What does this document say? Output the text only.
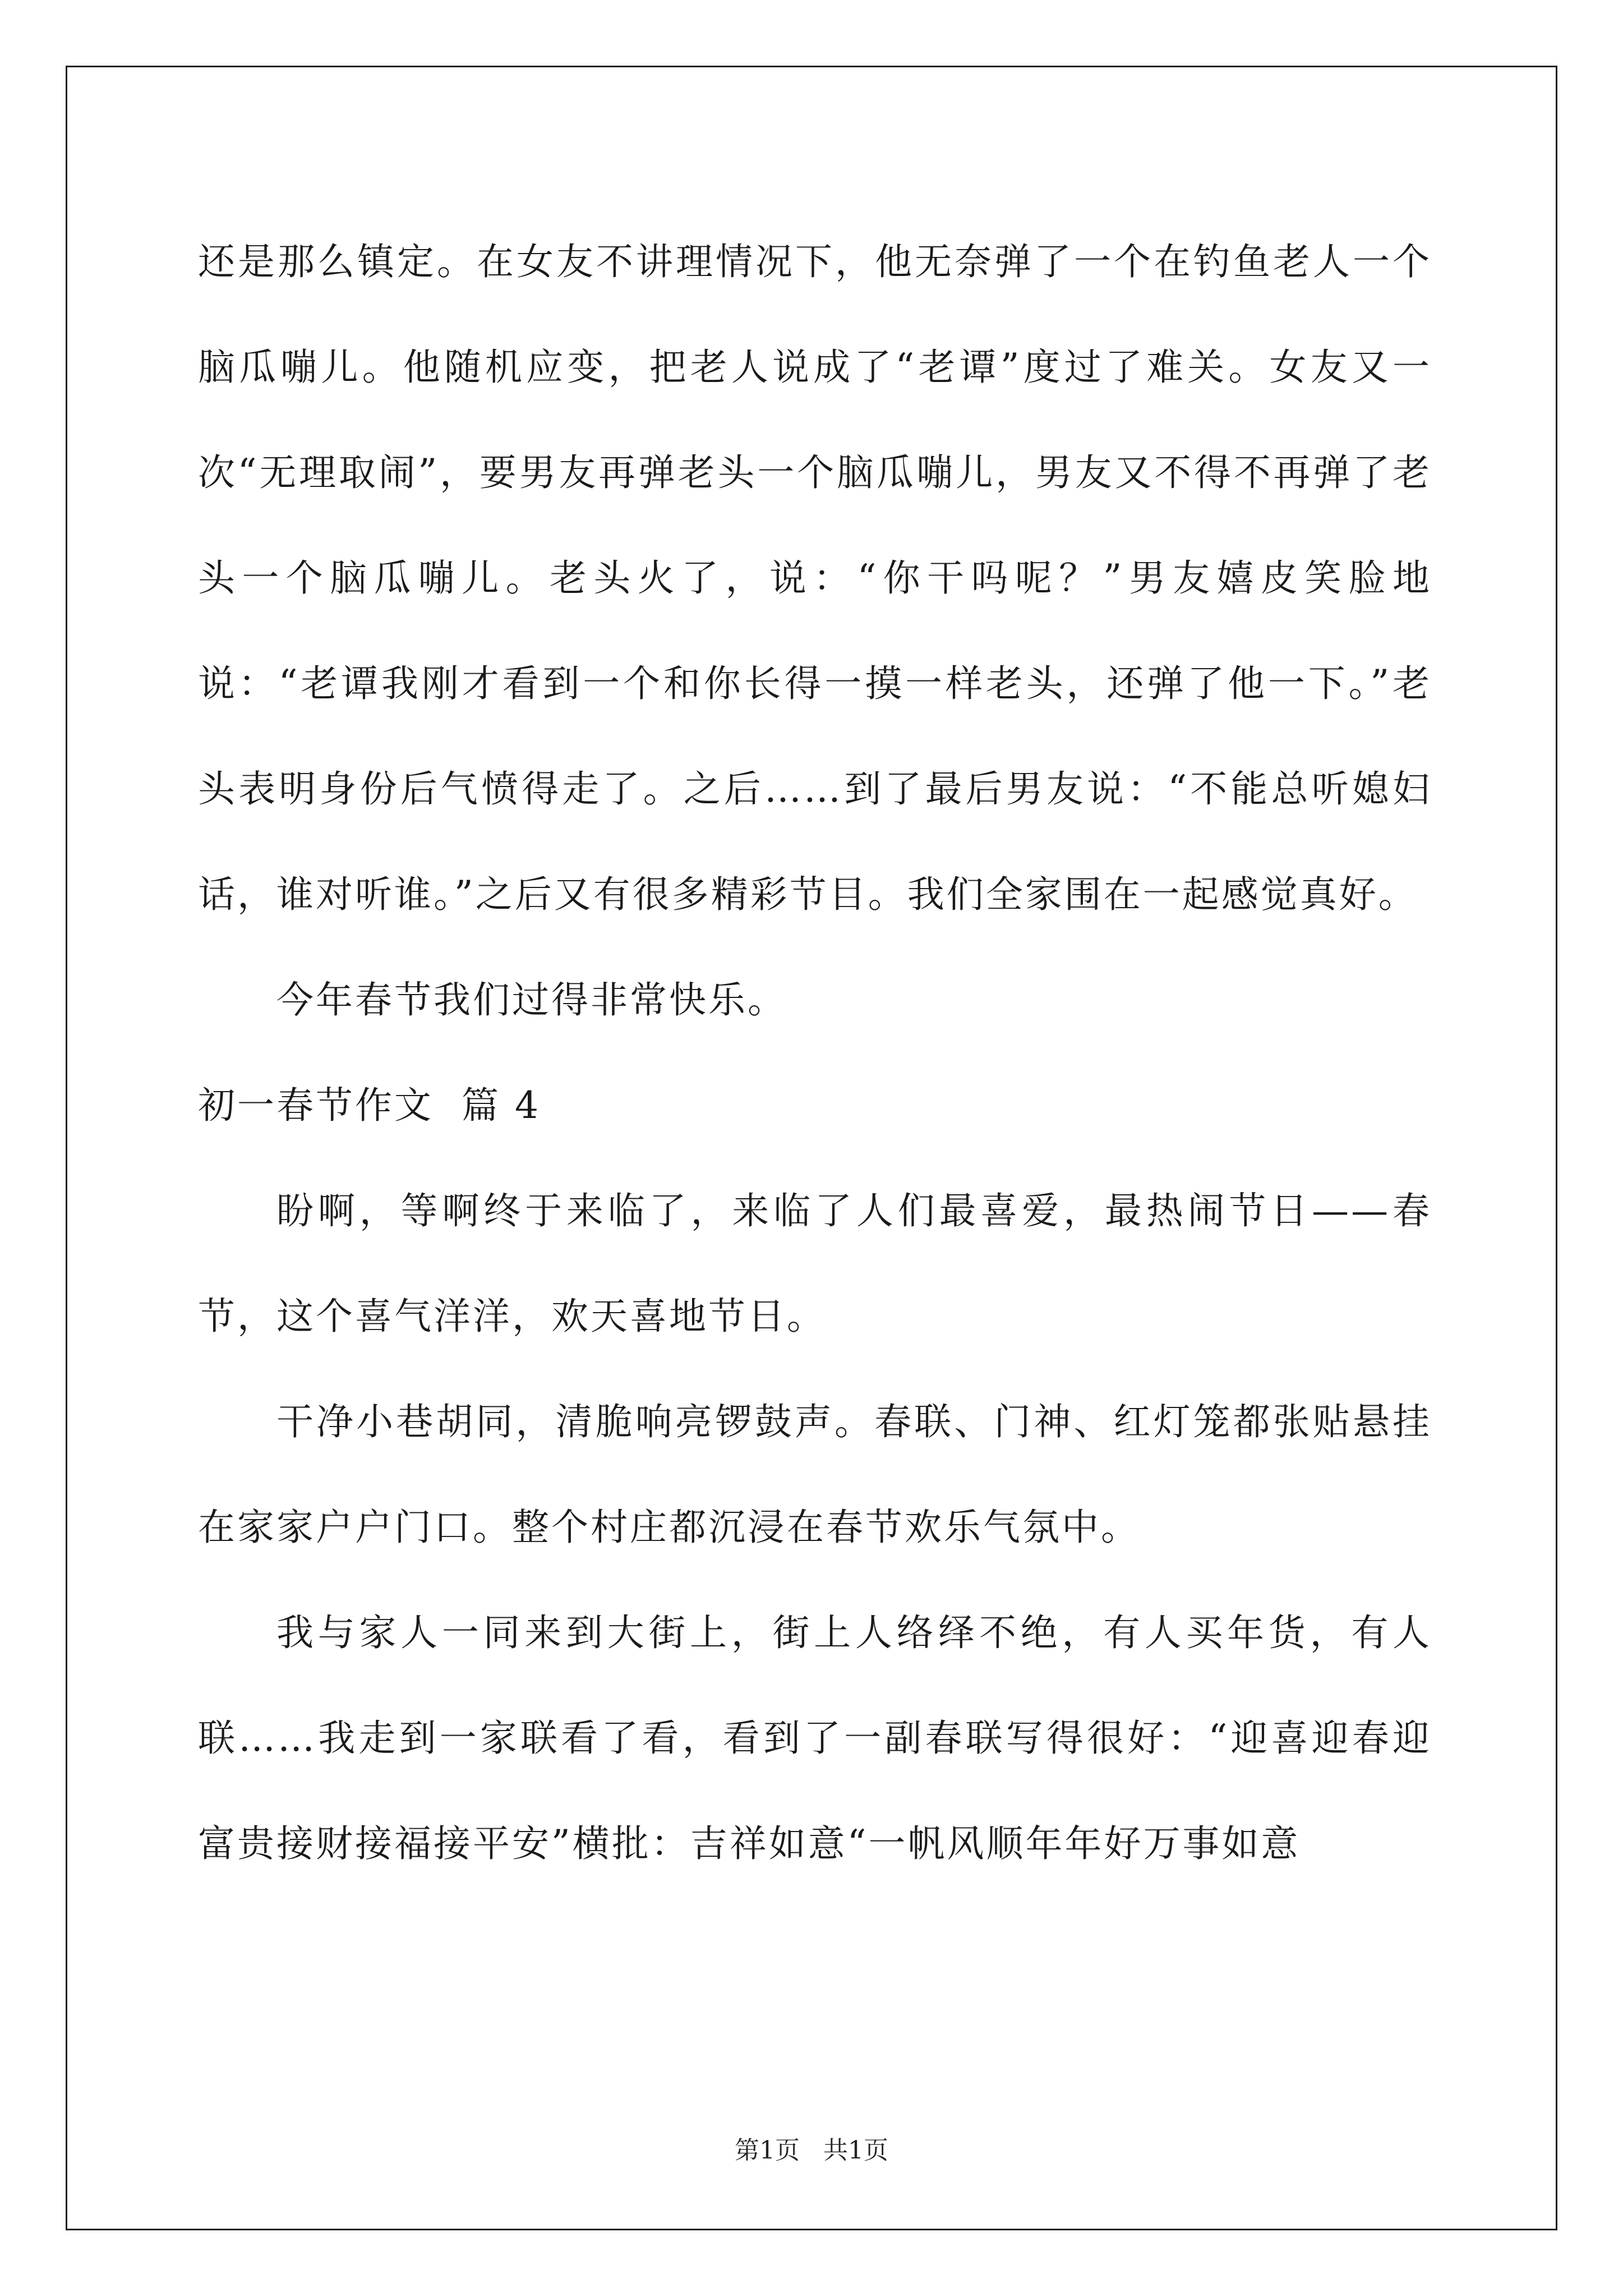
还是那么镇定。在女友不讲理情况下，他无奈弹了一个在钓鱼老人一个脑瓜嘣儿。他随机应变，把老人说成了“老谭”度过了难关。女友又一次“无理取闹”，要男友再弹老头一个脑瓜嘣儿，男友又不得不再弹了老头一个脑瓜嘣儿。老头火了，说：“你干吗呢？”男友嬉皮笑脸地说：“老谭我刚才看到一个和你长得一摸一样老头，还弹了他一下。”老头表明身份后气愤得走了。之后……到了最后男友说：“不能总听媳妇话，谁对听谁。”之后又有很多精彩节目。我们全家围在一起感觉真好。

今年春节我们过得非常快乐。

初一春节作文  篇 4

盼啊，等啊终于来临了，来临了人们最喜爱，最热闹节日——春节，这个喜气洋洋，欢天喜地节日。

干净小巷胡同，清脆响亮锣鼓声。春联、门神、红灯笼都张贴悬挂在家家户户门口。整个村庄都沉浸在春节欢乐气氛中。

我与家人一同来到大街上，街上人络绎不绝，有人买年货，有人联……我走到一家联看了看，看到了一副春联写得很好：“迎喜迎春迎富贵接财接福接平安”横批：吉祥如意“一帆风顺年年好万事如意

第1页 共1页
